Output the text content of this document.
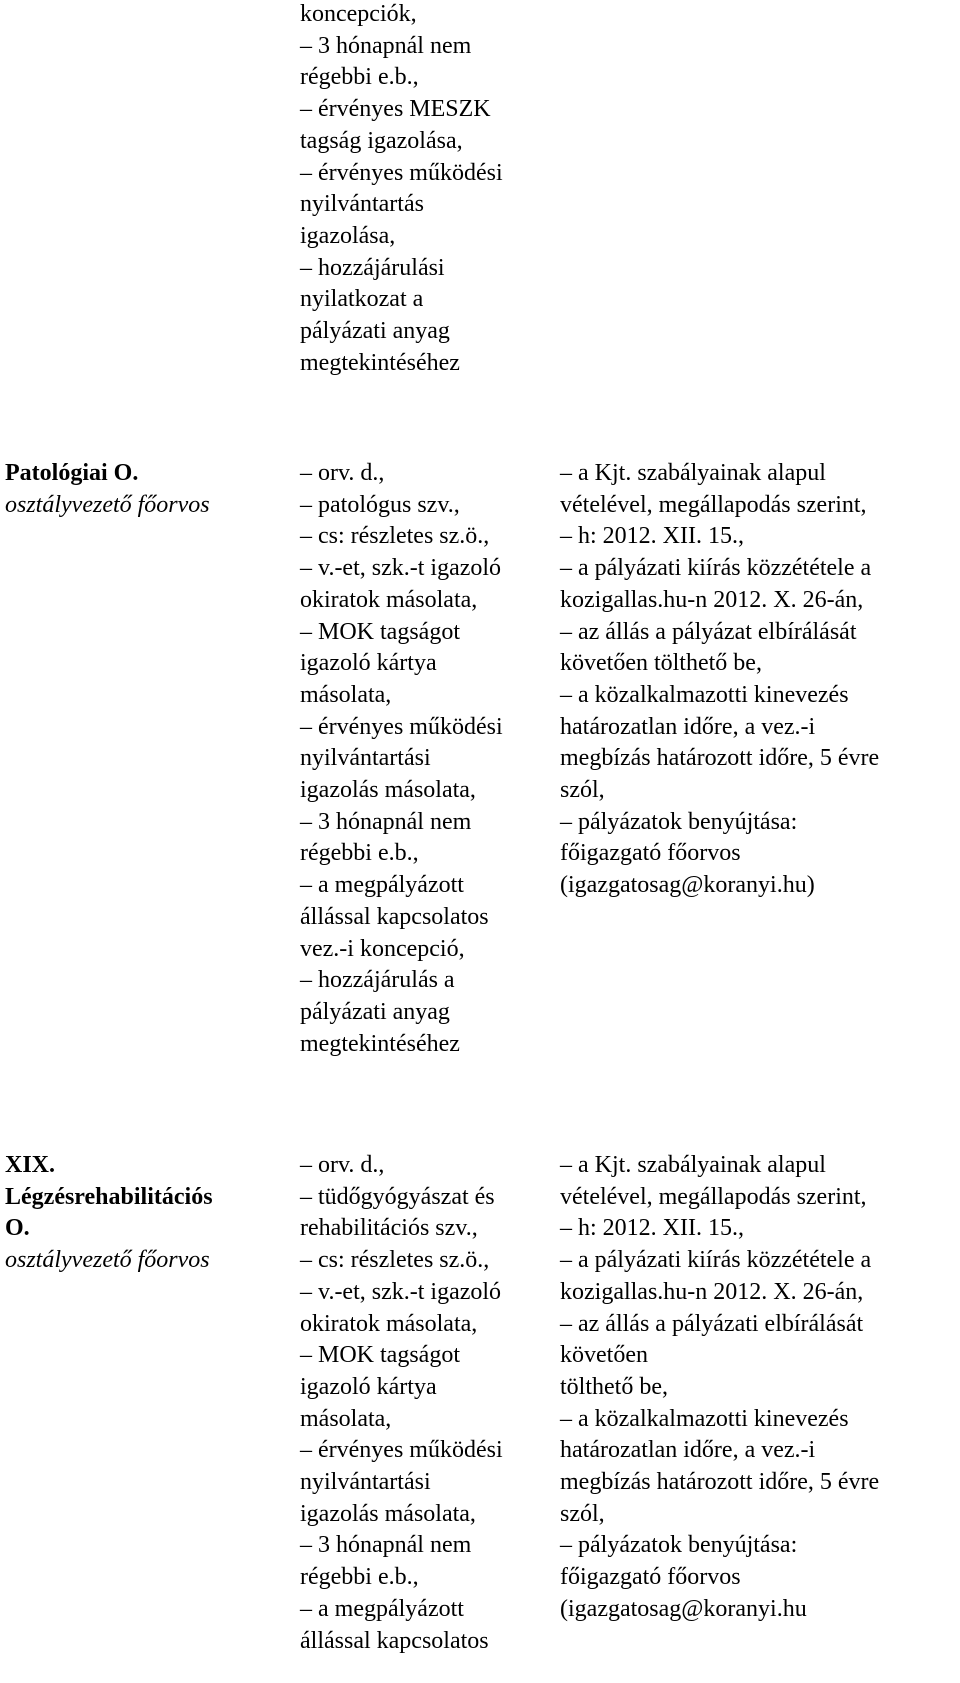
koncepciók,
– 3 hónapnál nem
régebbi e.b.,
– érvényes MESZK
tagság igazolása,
– érvényes működési
nyilvántartás
igazolása,
– hozzájárulási
nyilatkozat a
pályázati anyag
megtekintéséhez
Patológiai O.
osztályvezető főorvos
– orv. d.,
– patológus szv.,
– cs: részletes sz.ö.,
– v.-et, szk.-t igazoló
okiratok másolata,
– MOK tagságot
igazoló kártya
másolata,
– érvényes működési
nyilvántartási
igazolás másolata,
– 3 hónapnál nem
régebbi e.b.,
– a megpályázott
állással kapcsolatos
vez.-i koncepció,
– hozzájárulás a
pályázati anyag
megtekintéséhez
– a Kjt. szabályainak alapul
vételével, megállapodás szerint,
– h: 2012. XII. 15.,
– a pályázati kiírás közzététele a
kozigallas.hu-n 2012. X. 26-án,
– az állás a pályázat elbírálását
követően tölthető be,
– a közalkalmazotti kinevezés
határozatlan időre, a vez.-i
megbízás határozott időre, 5 évre
szól,
– pályázatok benyújtása:
főigazgató főorvos
(igazgatosag@koranyi.hu)
XIX.
Légzésrehabilitációs
O.
osztályvezető főorvos
– orv. d.,
– tüdőgyógyászat és
rehabilitációs szv.,
– cs: részletes sz.ö.,
– v.-et, szk.-t igazoló
okiratok másolata,
– MOK tagságot
igazoló kártya
másolata,
– érvényes működési
nyilvántartási
igazolás másolata,
– 3 hónapnál nem
régebbi e.b.,
– a megpályázott
állással kapcsolatos
– a Kjt. szabályainak alapul
vételével, megállapodás szerint,
– h: 2012. XII. 15.,
– a pályázati kiírás közzététele a
kozigallas.hu-n 2012. X. 26-án,
– az állás a pályázati elbírálását
követően
tölthető be,
– a közalkalmazotti kinevezés
határozatlan időre, a vez.-i
megbízás határozott időre, 5 évre
szól,
– pályázatok benyújtása:
főigazgató főorvos
(igazgatosag@koranyi.hu
